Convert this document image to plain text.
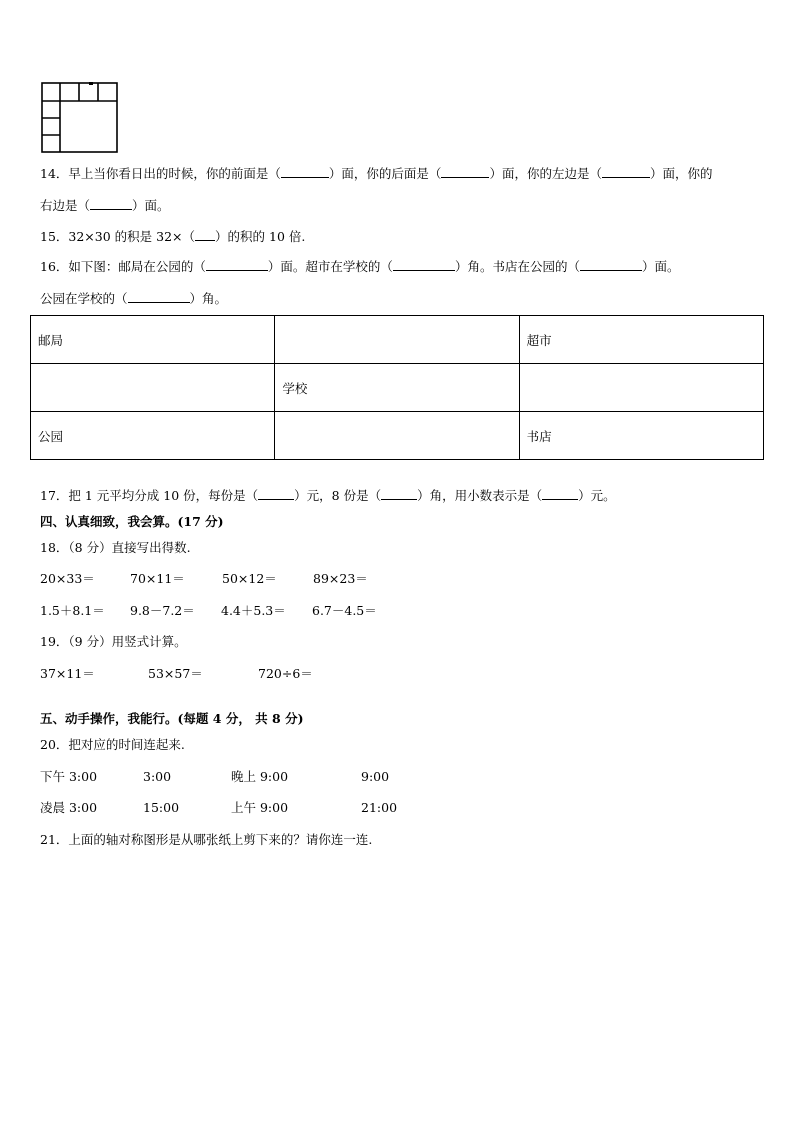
14．早上当你看日出的时候，你的前面是（	）面，你的后面是（	）面，你的左边是（	）面，你的
右边是（	）面。
15．32×30 的积是 32×（ ）的积的 10 倍.
16．如下图：邮局在公园的（	）面。超市在学校的（	）角。书店在公园的（	）面。
公园在学校的（	）角。
邮局		超市
	学校	
公园		书店
17．把 1 元平均分成 10 份，每份是（	）元，8 份是（	）角，用小数表示是（	）元。
四、认真细致，我会算。(17 分)
18．（8 分）直接写出得数.
20×33＝	70×11＝	50×12＝	89×23＝
1.5＋8.1＝ 9.8－7.2＝ 4.4＋5.3＝ 6.7－4.5＝
19．（9 分）用竖式计算。
37×11＝	53×57＝	720÷6＝
五、动手操作，我能行。(每题 4 分， 共 8 分)
20．把对应的时间连起来.
下午 3:00	3:00	晚上 9:00	9:00
凌晨 3:00	15:00	上午 9:00	21:00
21．上面的轴对称图形是从哪张纸上剪下来的？请你连一连.
